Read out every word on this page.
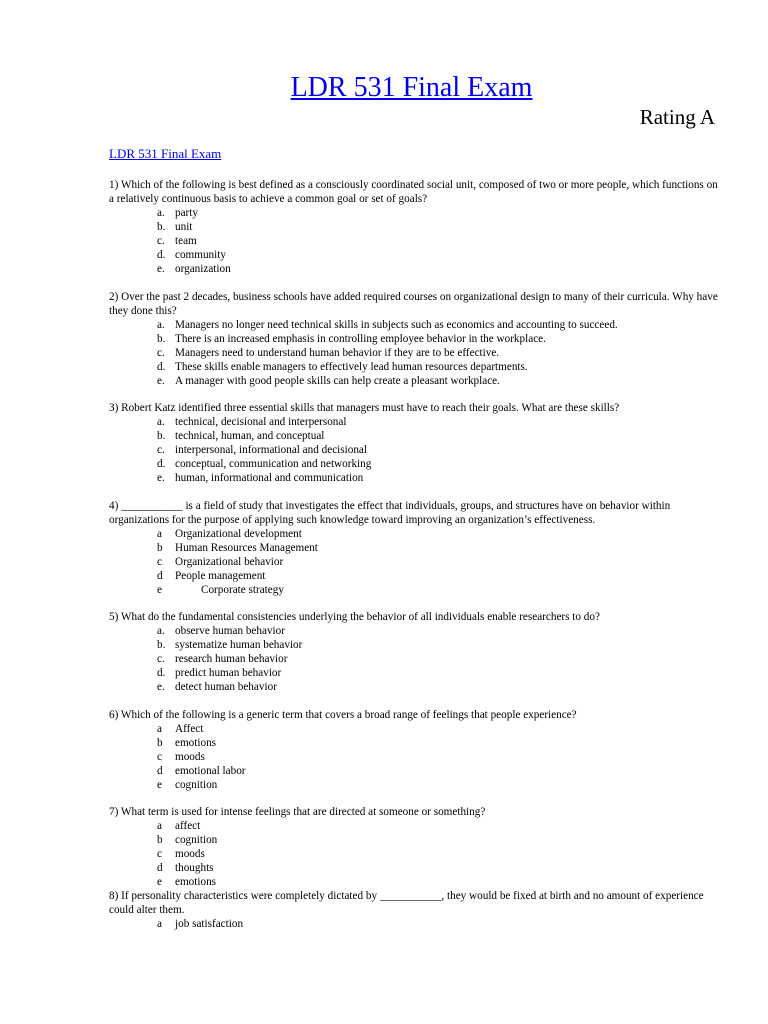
LDR 531 Final Exam
Rating A
LDR 531 Final Exam

1) Which of the following is best defined as a consciously coordinated social unit, composed of two or more people, which functions on a relatively continuous basis to achieve a common goal or set of goals?

a. party
b. unit
c. team
d. community
e. organization

2) Over the past 2 decades, business schools have added required courses on organizational design to many of their curricula. Why have they done this?

a. Managers no longer need technical skills in subjects such as economics and accounting to succeed.
b. There is an increased emphasis in controlling employee behavior in the workplace.
c. Managers need to understand human behavior if they are to be effective.
d. These skills enable managers to effectively lead human resources departments.
e. A manager with good people skills can help create a pleasant workplace.

3) Robert Katz identified three essential skills that managers must have to reach their goals. What are these skills?

a. technical, decisional and interpersonal
b. technical, human, and conceptual
c. interpersonal, informational and decisional
d. conceptual, communication and networking
e. human, informational and communication

4) ___________ is a field of study that investigates the effect that individuals, groups, and structures have on behavior within organizations for the purpose of applying such knowledge toward improving an organization’s effectiveness.

a	Organizational development
b	Human Resources Management
c	Organizational behavior
d	People management
e	Corporate strategy

5) What do the fundamental consistencies underlying the behavior of all individuals enable researchers to do?

a. observe human behavior
b. systematize human behavior
c. research human behavior
d. predict human behavior
e. detect human behavior

6) Which of the following is a generic term that covers a broad range of feelings that people experience?

a	Affect
b	emotions
c	moods
d	emotional labor
e	cognition

7) What term is used for intense feelings that are directed at someone or something?

a	affect
b	cognition
c	moods
d	thoughts
e	emotions

8) If personality characteristics were completely dictated by ___________, they would be fixed at birth and no amount of experience could alter them.

a	job satisfaction
